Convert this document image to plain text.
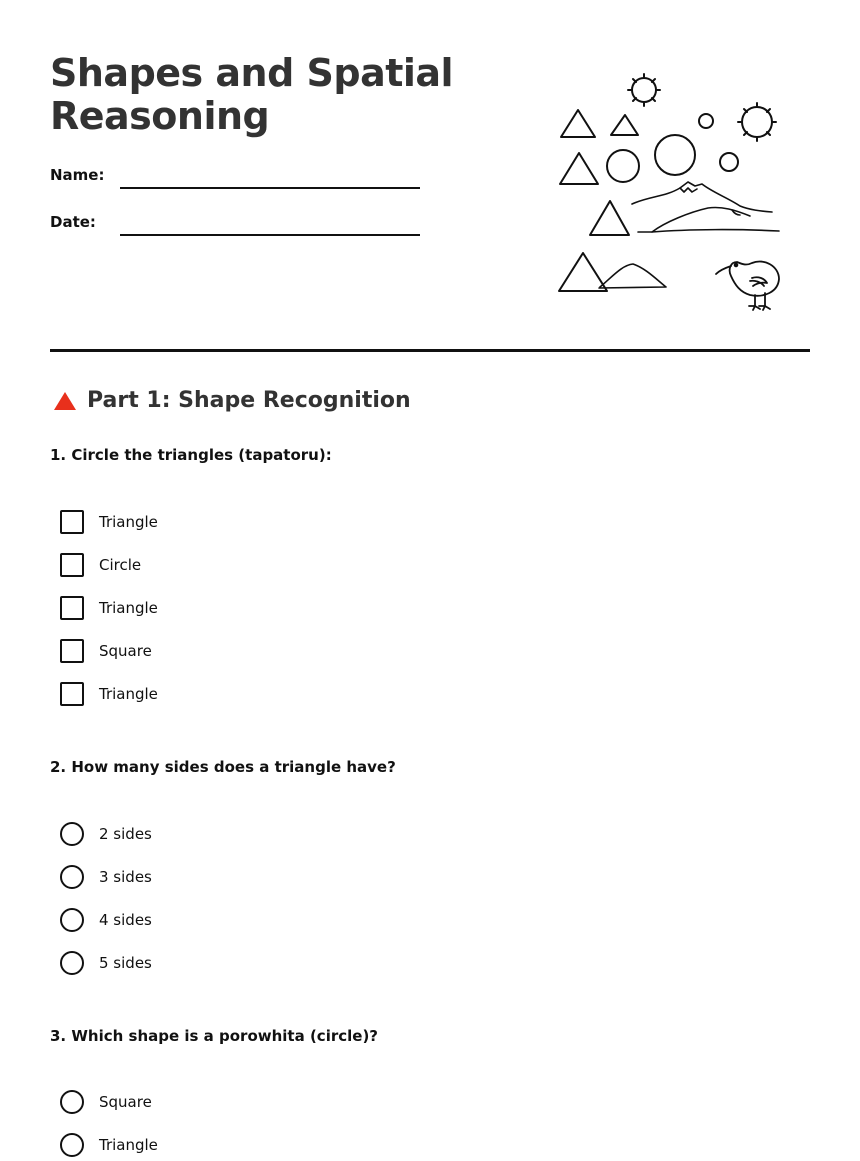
Shapes and Spatial Reasoning
Name:
Date:
Part 1: Shape Recognition
1. Circle the triangles (tapatoru):
Triangle
Circle
Triangle
Square
Triangle
2. How many sides does a triangle have?
2 sides
3 sides
4 sides
5 sides
3. Which shape is a porowhita (circle)?
Square
Triangle
